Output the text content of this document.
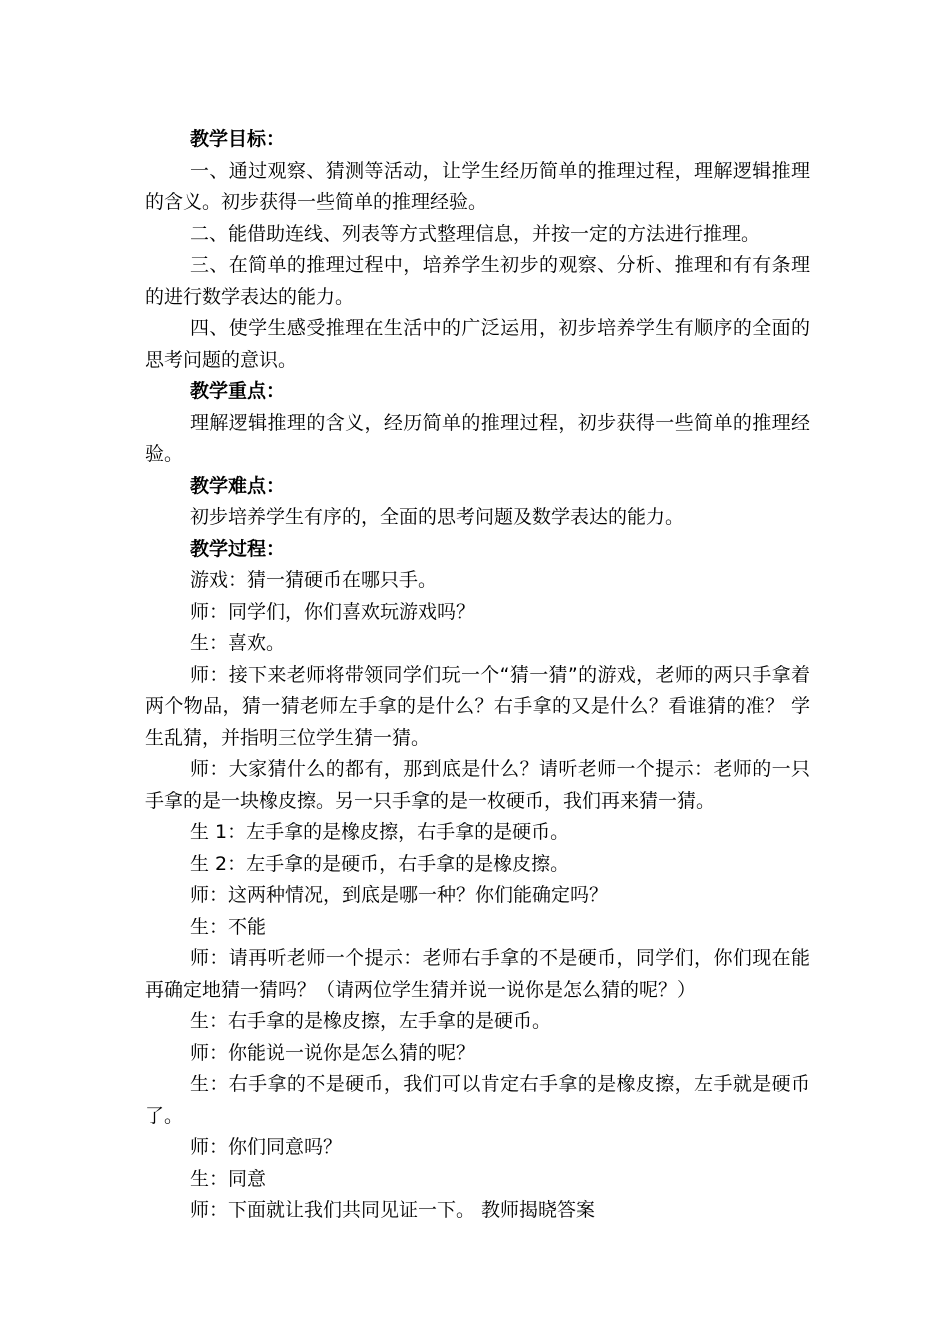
教学目标：

一、通过观察、猜测等活动，让学生经历简单的推理过程，理解逻辑推理的含义。初步获得一些简单的推理经验。

二、能借助连线、列表等方式整理信息，并按一定的方法进行推理。

三、在简单的推理过程中，培养学生初步的观察、分析、推理和有有条理的进行数学表达的能力。

四、使学生感受推理在生活中的广泛运用，初步培养学生有顺序的全面的思考问题的意识。

教学重点：

理解逻辑推理的含义，经历简单的推理过程，初步获得一些简单的推理经验。

教学难点：

初步培养学生有序的，全面的思考问题及数学表达的能力。

教学过程：

游戏：猜一猜硬币在哪只手。

师：同学们，你们喜欢玩游戏吗？

生：喜欢。

师：接下来老师将带领同学们玩一个“猜一猜”的游戏，老师的两只手拿着两个物品，猜一猜老师左手拿的是什么？右手拿的又是什么？看谁猜的准？ 学生乱猜，并指明三位学生猜一猜。

师：大家猜什么的都有，那到底是什么？请听老师一个提示：老师的一只手拿的是一块橡皮擦。另一只手拿的是一枚硬币，我们再来猜一猜。

生 1：左手拿的是橡皮擦，右手拿的是硬币。

生 2：左手拿的是硬币，右手拿的是橡皮擦。

师：这两种情况，到底是哪一种？你们能确定吗？

生：不能

师：请再听老师一个提示：老师右手拿的不是硬币，同学们，你们现在能再确定地猜一猜吗？（请两位学生猜并说一说你是怎么猜的呢？）

生：右手拿的是橡皮擦，左手拿的是硬币。

师：你能说一说你是怎么猜的呢？

生：右手拿的不是硬币，我们可以肯定右手拿的是橡皮擦，左手就是硬币了。

师：你们同意吗？

生：同意

师：下面就让我们共同见证一下。 教师揭晓答案
